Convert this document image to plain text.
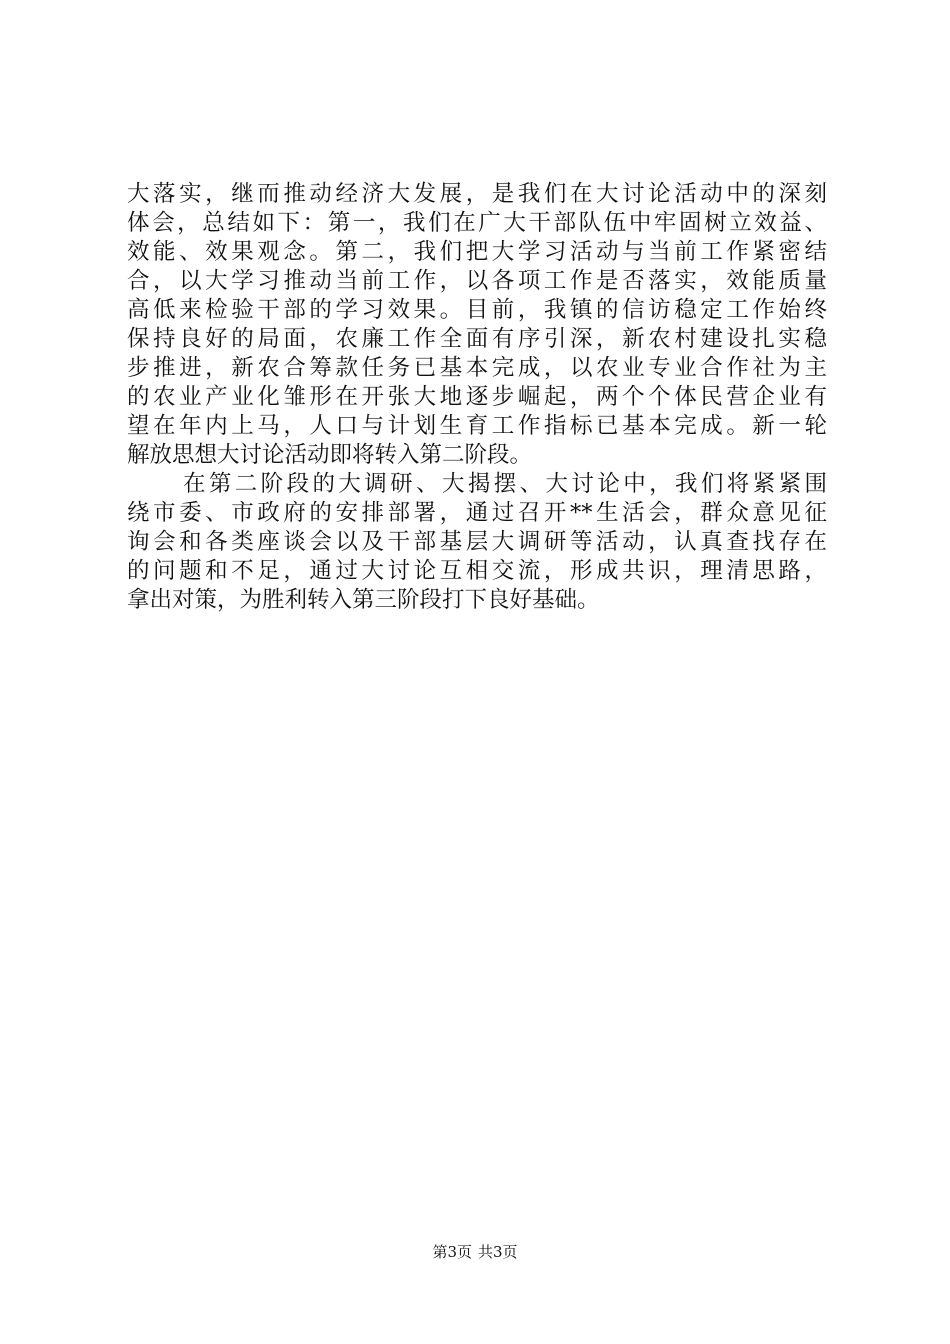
大落实，继而推动经济大发展，是我们在大讨论活动中的深刻
体会，总结如下：第一，我们在广大干部队伍中牢固树立效益、
效能、效果观念。第二，我们把大学习活动与当前工作紧密结
合，以大学习推动当前工作，以各项工作是否落实，效能质量
高低来检验干部的学习效果。目前，我镇的信访稳定工作始终
保持良好的局面，农廉工作全面有序引深，新农村建设扎实稳
步推进，新农合筹款任务已基本完成，以农业专业合作社为主
的农业产业化雏形在开张大地逐步崛起，两个个体民营企业有
望在年内上马，人口与计划生育工作指标已基本完成。新一轮
解放思想大讨论活动即将转入第二阶段。
在第二阶段的大调研、大揭摆、大讨论中，我们将紧紧围
绕市委、市政府的安排部署，通过召开**生活会，群众意见征
询会和各类座谈会以及干部基层大调研等活动，认真查找存在
的问题和不足，通过大讨论互相交流，形成共识，理清思路，
拿出对策，为胜利转入第三阶段打下良好基础。
第3页 共3页
